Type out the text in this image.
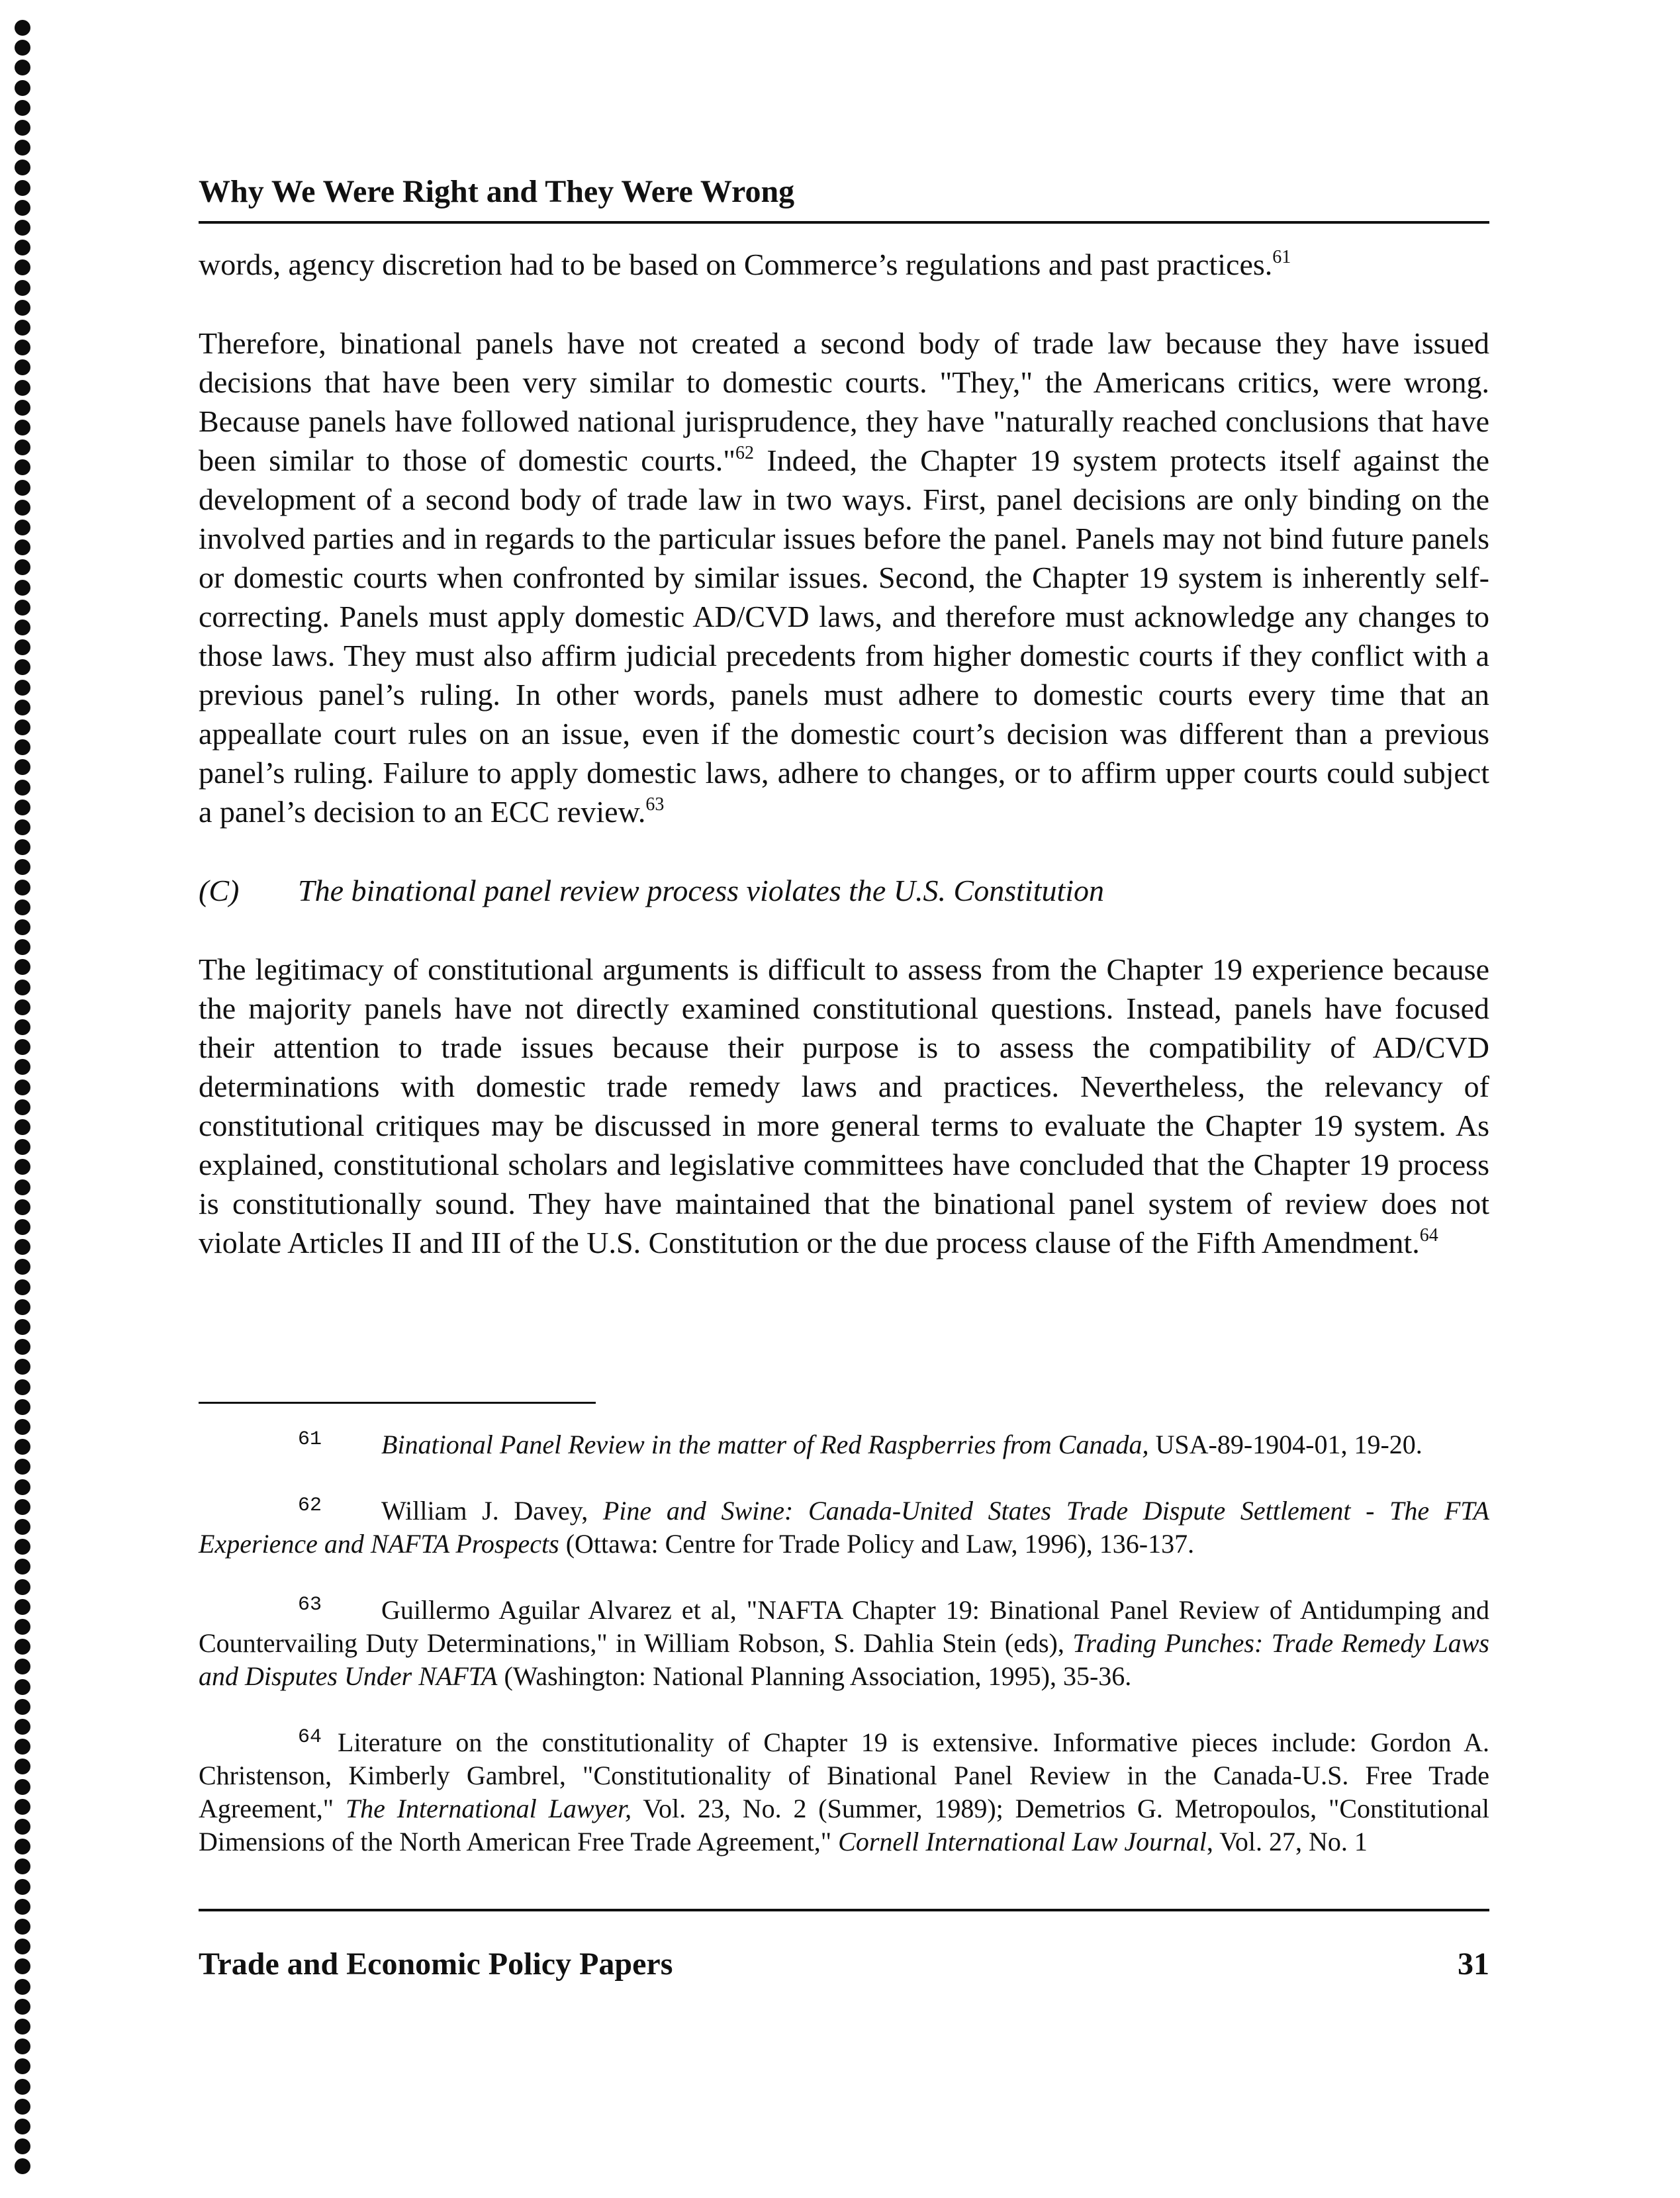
Why We Were Right and They Were Wrong

words, agency discretion had to be based on Commerce’s regulations and past practices.$^{61}$

Therefore, binational panels have not created a second body of trade law because they have issued decisions that have been very similar to domestic courts. "They," the Americans critics, were wrong. Because panels have followed national jurisprudence, they have "naturally reached conclusions that have been similar to those of domestic courts."$^{62}$ Indeed, the Chapter 19 system protects itself against the development of a second body of trade law in two ways. First, panel decisions are only binding on the involved parties and in regards to the particular issues before the panel. Panels may not bind future panels or domestic courts when confronted by similar issues. Second, the Chapter 19 system is inherently self-correcting. Panels must apply domestic AD/CVD laws, and therefore must acknowledge any changes to those laws. They must also affirm judicial precedents from higher domestic courts if they conflict with a previous panel’s ruling. In other words, panels must adhere to domestic courts every time that an appeallate court rules on an issue, even if the domestic court’s decision was different than a previous panel’s ruling. Failure to apply domestic laws, adhere to changes, or to affirm upper courts could subject a panel’s decision to an ECC review.$^{63}$

(C) The binational panel review process violates the U.S. Constitution

The legitimacy of constitutional arguments is difficult to assess from the Chapter 19 experience because the majority panels have not directly examined constitutional questions. Instead, panels have focused their attention to trade issues because their purpose is to assess the compatibility of AD/CVD determinations with domestic trade remedy laws and practices. Nevertheless, the relevancy of constitutional critiques may be discussed in more general terms to evaluate the Chapter 19 system. As explained, constitutional scholars and legislative committees have concluded that the Chapter 19 process is constitutionally sound. They have maintained that the binational panel system of review does not violate Articles II and III of the U.S. Constitution or the due process clause of the Fifth Amendment.$^{64}$

$^{61}$ Binational Panel Review in the matter of Red Raspberries from Canada, USA-89-1904-01, 19-20.

$^{62}$ William J. Davey, Pine and Swine: Canada-United States Trade Dispute Settlement - The FTA Experience and NAFTA Prospects (Ottawa: Centre for Trade Policy and Law, 1996), 136-137.

$^{63}$ Guillermo Aguilar Alvarez et al, "NAFTA Chapter 19: Binational Panel Review of Antidumping and Countervailing Duty Determinations," in William Robson, S. Dahlia Stein (eds), Trading Punches: Trade Remedy Laws and Disputes Under NAFTA (Washington: National Planning Association, 1995), 35-36.

$^{64}$ Literature on the constitutionality of Chapter 19 is extensive. Informative pieces include: Gordon A. Christenson, Kimberly Gambrel, "Constitutionality of Binational Panel Review in the Canada-U.S. Free Trade Agreement," The International Lawyer, Vol. 23, No. 2 (Summer, 1989); Demetrios G. Metropoulos, "Constitutional Dimensions of the North American Free Trade Agreement," Cornell International Law Journal, Vol. 27, No. 1

Trade and Economic Policy Papers	31
